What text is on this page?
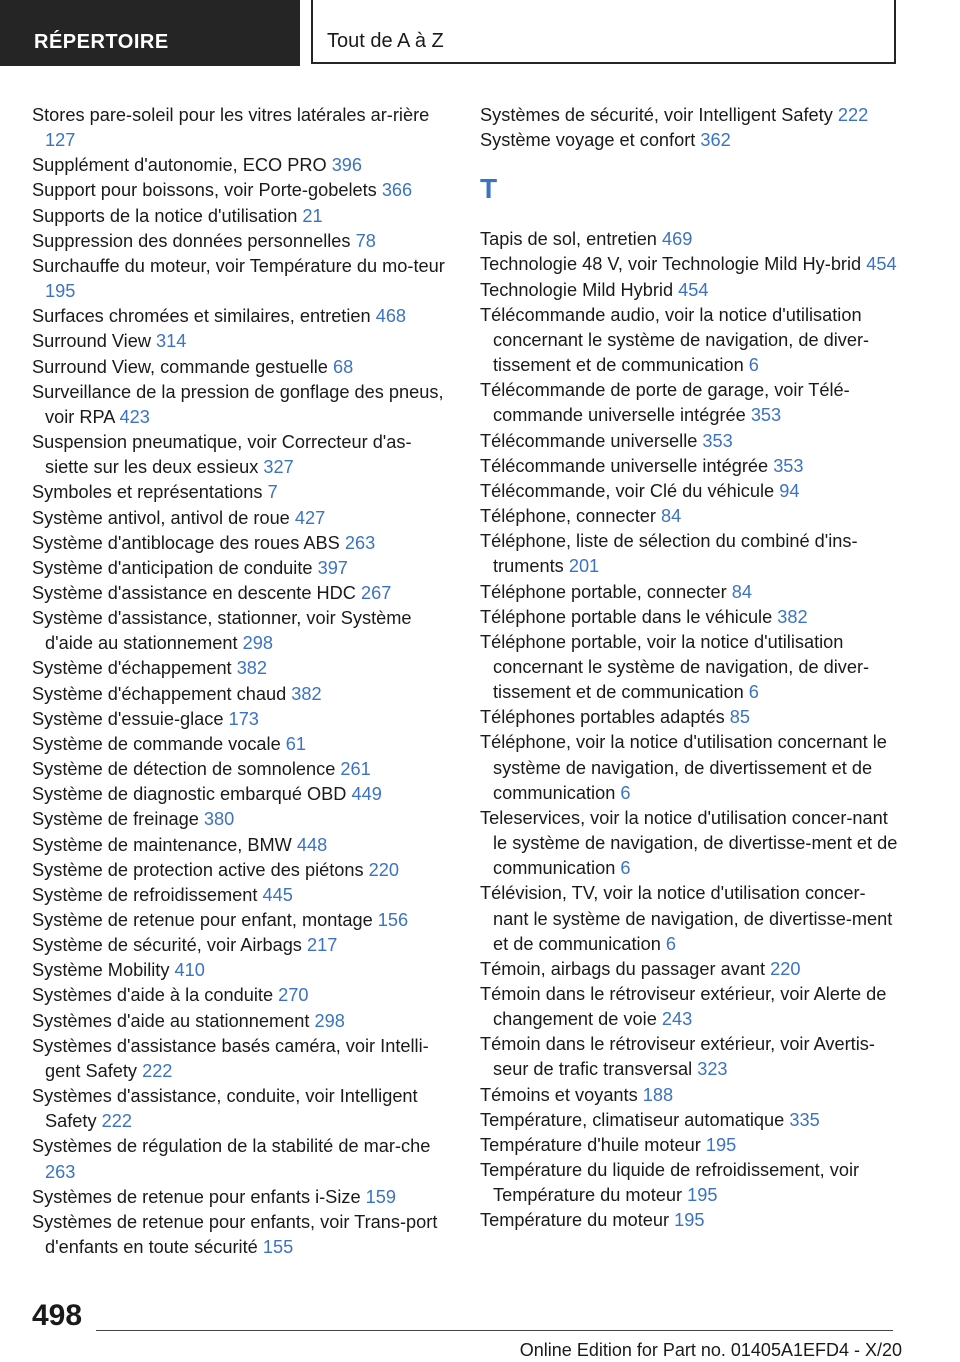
RÉPERTOIRE	Tout de A à Z
Stores pare-soleil pour les vitres latérales ar-rière 127
Supplément d'autonomie, ECO PRO 396
Support pour boissons, voir Porte-gobelets 366
Supports de la notice d'utilisation 21
Suppression des données personnelles 78
Surchauffe du moteur, voir Température du mo-teur 195
Surfaces chromées et similaires, entretien 468
Surround View 314
Surround View, commande gestuelle 68
Surveillance de la pression de gonflage des pneus, voir RPA 423
Suspension pneumatique, voir Correcteur d'as-siette sur les deux essieux 327
Symboles et représentations 7
Système antivol, antivol de roue 427
Système d'antiblocage des roues ABS 263
Système d'anticipation de conduite 397
Système d'assistance en descente HDC 267
Système d'assistance, stationner, voir Système d'aide au stationnement 298
Système d'échappement 382
Système d'échappement chaud 382
Système d'essuie-glace 173
Système de commande vocale 61
Système de détection de somnolence 261
Système de diagnostic embarqué OBD 449
Système de freinage 380
Système de maintenance, BMW 448
Système de protection active des piétons 220
Système de refroidissement 445
Système de retenue pour enfant, montage 156
Système de sécurité, voir Airbags 217
Système Mobility 410
Systèmes d'aide à la conduite 270
Systèmes d'aide au stationnement 298
Systèmes d'assistance basés caméra, voir Intelli-gent Safety 222
Systèmes d'assistance, conduite, voir Intelligent Safety 222
Systèmes de régulation de la stabilité de mar-che 263
Systèmes de retenue pour enfants i-Size 159
Systèmes de retenue pour enfants, voir Trans-port d'enfants en toute sécurité 155
Systèmes de sécurité, voir Intelligent Safety 222
Système voyage et confort 362
T
Tapis de sol, entretien 469
Technologie 48 V, voir Technologie Mild Hy-brid 454
Technologie Mild Hybrid 454
Télécommande audio, voir la notice d'utilisation concernant le système de navigation, de diver-tissement et de communication 6
Télécommande de porte de garage, voir Télé-commande universelle intégrée 353
Télécommande universelle 353
Télécommande universelle intégrée 353
Télécommande, voir Clé du véhicule 94
Téléphone, connecter 84
Téléphone, liste de sélection du combiné d'ins-truments 201
Téléphone portable, connecter 84
Téléphone portable dans le véhicule 382
Téléphone portable, voir la notice d'utilisation concernant le système de navigation, de diver-tissement et de communication 6
Téléphones portables adaptés 85
Téléphone, voir la notice d'utilisation concernant le système de navigation, de divertissement et de communication 6
Teleservices, voir la notice d'utilisation concer-nant le système de navigation, de divertisse-ment et de communication 6
Télévision, TV, voir la notice d'utilisation concer-nant le système de navigation, de divertisse-ment et de communication 6
Témoin, airbags du passager avant 220
Témoin dans le rétroviseur extérieur, voir Alerte de changement de voie 243
Témoin dans le rétroviseur extérieur, voir Avertis-seur de trafic transversal 323
Témoins et voyants 188
Température, climatiseur automatique 335
Température d'huile moteur 195
Température du liquide de refroidissement, voir Température du moteur 195
Température du moteur 195
498
Online Edition for Part no. 01405A1EFD4 - X/20
